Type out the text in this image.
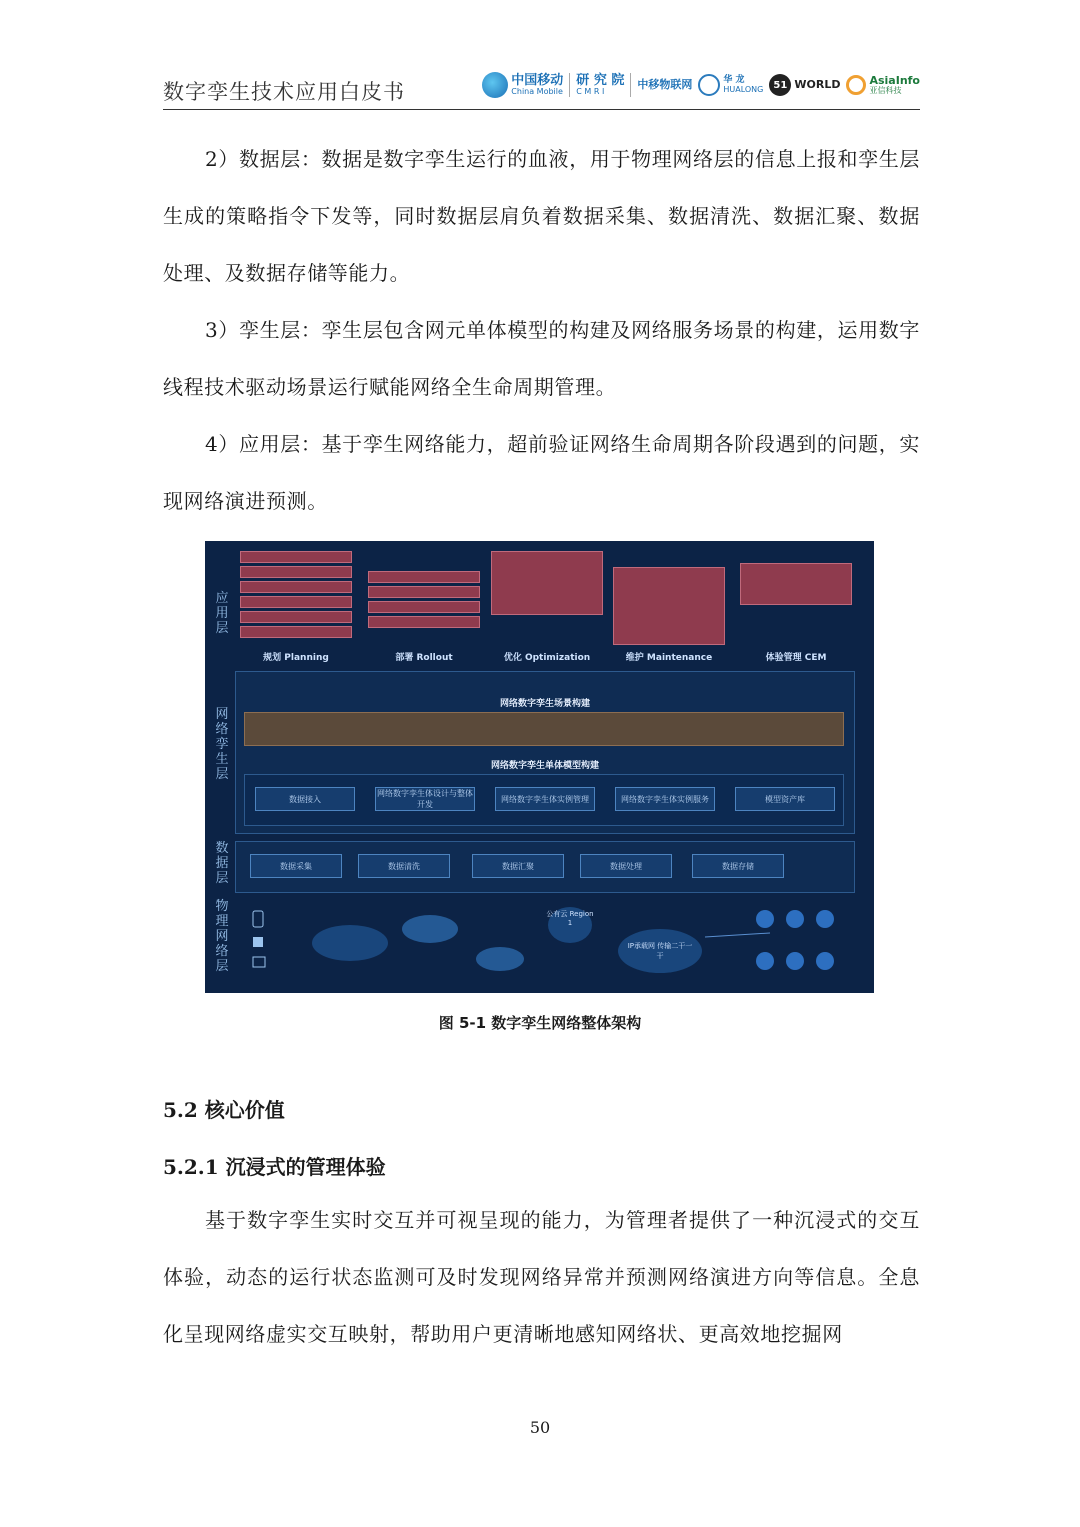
数字孪生技术应用白皮书	中国移动
China Mobile
研 究 院
C M R I	中移物联网	华 龙
HUALONG	51 WORLD	AsiaInfo
亚信科技

2）数据层：数据是数字孪生运行的血液，用于物理网络层的信息上报和孪生层生成的策略指令下发等，同时数据层肩负着数据采集、数据清洗、数据汇聚、数据处理、及数据存储等能力。

3）孪生层：孪生层包含网元单体模型的构建及网络服务场景的构建，运用数字线程技术驱动场景运行赋能网络全生命周期管理。

4）应用层：基于孪生网络能力，超前验证网络生命周期各阶段遇到的问题，实现网络演进预测。

应用层
网络孪生层
数据层
物理网络层
规划 Planning	部署 Rollout	优化 Optimization	维护 Maintenance	体验管理 CEM
网络数字孪生场景构建
网络数字孪生单体模型构建
数据接入
网络数字孪生体设计与整体开发
网络数字孪生体实例管理	网络数字孪生体实例服务	模型资产库
数据采集	数据清洗	数据汇聚	数据处理	数据存储
公有云 Region 1
IP承载网 传输二干一干
图 5-1 数字孪生网络整体架构
5.2 核心价值
5.2.1 沉浸式的管理体验

基于数字孪生实时交互并可视呈现的能力，为管理者提供了一种沉浸式的交互体验，动态的运行状态监测可及时发现网络异常并预测网络演进方向等信息。全息化呈现网络虚实交互映射，帮助用户更清晰地感知网络状、更高效地挖掘网

50
